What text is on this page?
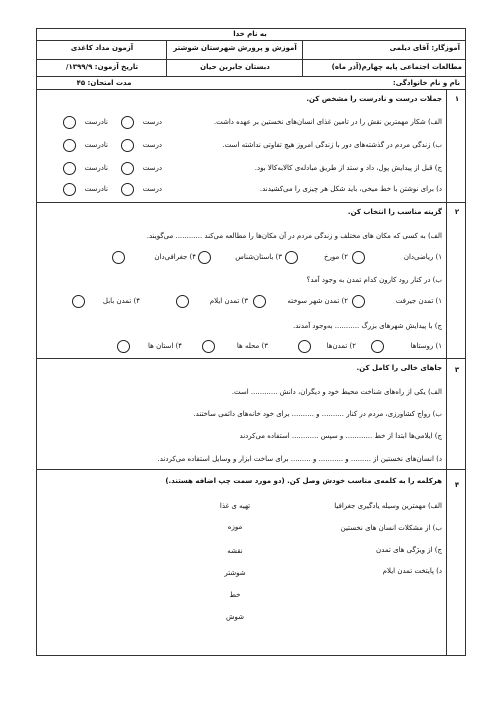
به نام خدا
آموزگار: آقای دیلمی
آموزش و پرورش شهرستان شوشتر
آزمون مداد کاغذی
مطالعات اجتماعی پایه چهارم(آذر ماه)
دبستان جابربن حیان
تاریخ آزمون: ۱۳۹۹/۹/
نام و نام خانوادگی:
مدت امتحان: ۴۵
۱
جملات درست و نادرست را مشخص کن.
الف) شکار مهمترین نقش را در تامین غذای انسان‌های نخستین بر عهده داشت.
ب) زندگی مردم در گذشته‌های دور با زندگی امروز هیچ تفاوتی نداشته است.
ج) قبل از پیدایش پول، داد و ستد از طریق مبادله‌ی کالا‌به‌کالا بود.
د) برای نوشتن با خط میخی، باید شکل هر چیزی را می‌کشیدند.
درست
نادرست
درست
نادرست
درست
نادرست
درست
نادرست
۲
گزینه مناسب را انتخاب کن.
الف) به کسی که مکان های مختلف و زندگی مردم در آن مکان‌ها را مطالعه می‌کند ............ می‌گویند.
۱) ریاضی‌دان
۲) مورخ
۳) باستان‌شناس
۴) جغرافی‌دان
ب) در کنار رود کارون کدام تمدن به وجود آمد؟
۱) تمدن جیرفت
۲) تمدن شهر سوخته
۳) تمدن ایلام
۴) تمدن بابل
ج) با پیدایش شهرهای بزرگ ........... به‌وجود آمدند.
۱) روستاها
۲) تمدن‌ها
۳) محله ها
۴) استان ها
۳
جاهای خالی را کامل کن.
الف) یکی از راه‌های شناخت محیط خود و دیگران، دانش ............ است.
ب) رواج کشاورزی، مردم در کنار .......... و .......... برای خود خانه‌های دائمی ساختند.
ج) ایلامی‌ها ابتدا از خط ............ و سپس ............ استفاده می‌کردند
د) انسان‌های نخستین از ......... و ........... و ......... برای ساخت ابزار و وسایل استفاده می‌کردند.
۴
هرکلمه را به کلمه‌ی مناسب خودش وصل کن. (دو مورد سمت چپ اضافه هستند.)
الف) مهمترین وسیله یادگیری جغرافیا
ب) از مشکلات انسان های نخستین
ج) از ویژگی های تمدن
د) پایتخت تمدن ایلام
تهیه ی غذا
موزه
نقشه
شوشتر
خط
شوش
